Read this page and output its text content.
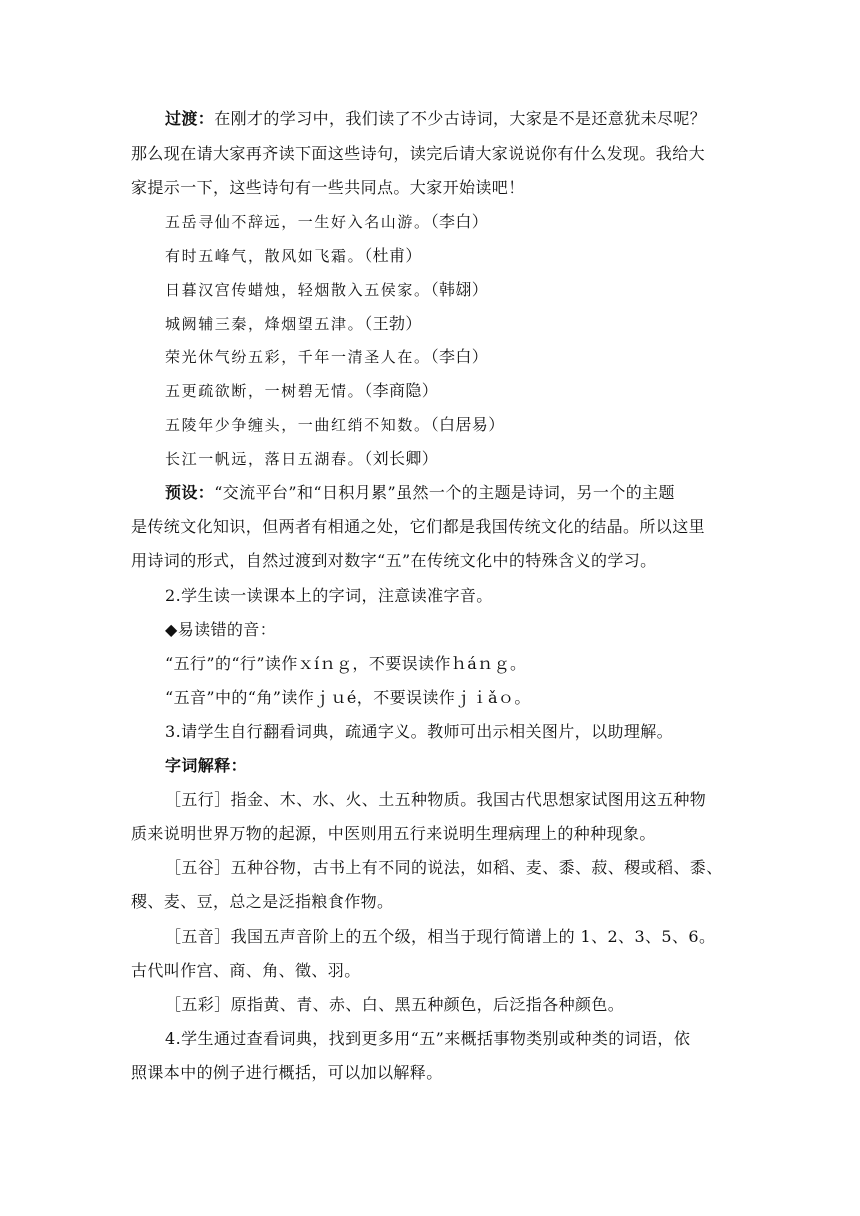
过渡：在刚才的学习中，我们读了不少古诗词，大家是不是还意犹未尽呢？
那么现在请大家再齐读下面这些诗句，读完后请大家说说你有什么发现。我给大
家提示一下，这些诗句有一些共同点。大家开始读吧！
五岳寻仙不辞远，一生好入名山游。（李白）
有时五峰气，散风如飞霜。（杜甫）
日暮汉宫传蜡烛，轻烟散入五侯家。（韩翃）
城阙辅三秦，烽烟望五津。（王勃）
荣光休气纷五彩，千年一清圣人在。（李白）
五更疏欲断，一树碧无情。（李商隐）
五陵年少争缠头，一曲红绡不知数。（白居易）
长江一帆远，落日五湖春。（刘长卿）
预设：“交流平台”和“日积月累”虽然一个的主题是诗词，另一个的主题
是传统文化知识，但两者有相通之处，它们都是我国传统文化的结晶。所以这里
用诗词的形式，自然过渡到对数字“五”在传统文化中的特殊含义的学习。
2.学生读一读课本上的字词，注意读准字音。
◆易读错的音：
“五行”的“行”读作ｘíｎｇ，不要误读作ｈáｎｇ。
“五音”中的“角”读作ｊｕé，不要误读作ｊｉǎｏ。
3.请学生自行翻看词典，疏通字义。教师可出示相关图片，以助理解。
字词解释：
［五行］指金、木、水、火、土五种物质。我国古代思想家试图用这五种物
质来说明世界万物的起源，中医则用五行来说明生理病理上的种种现象。
［五谷］五种谷物，古书上有不同的说法，如稻、麦、黍、菽、稷或稻、黍、
稷、麦、豆，总之是泛指粮食作物。
［五音］我国五声音阶上的五个级，相当于现行简谱上的 1、2、3、5、6。
古代叫作宫、商、角、徵、羽。
［五彩］原指黄、青、赤、白、黑五种颜色，后泛指各种颜色。
4.学生通过查看词典，找到更多用“五”来概括事物类别或种类的词语，依
照课本中的例子进行概括，可以加以解释。
